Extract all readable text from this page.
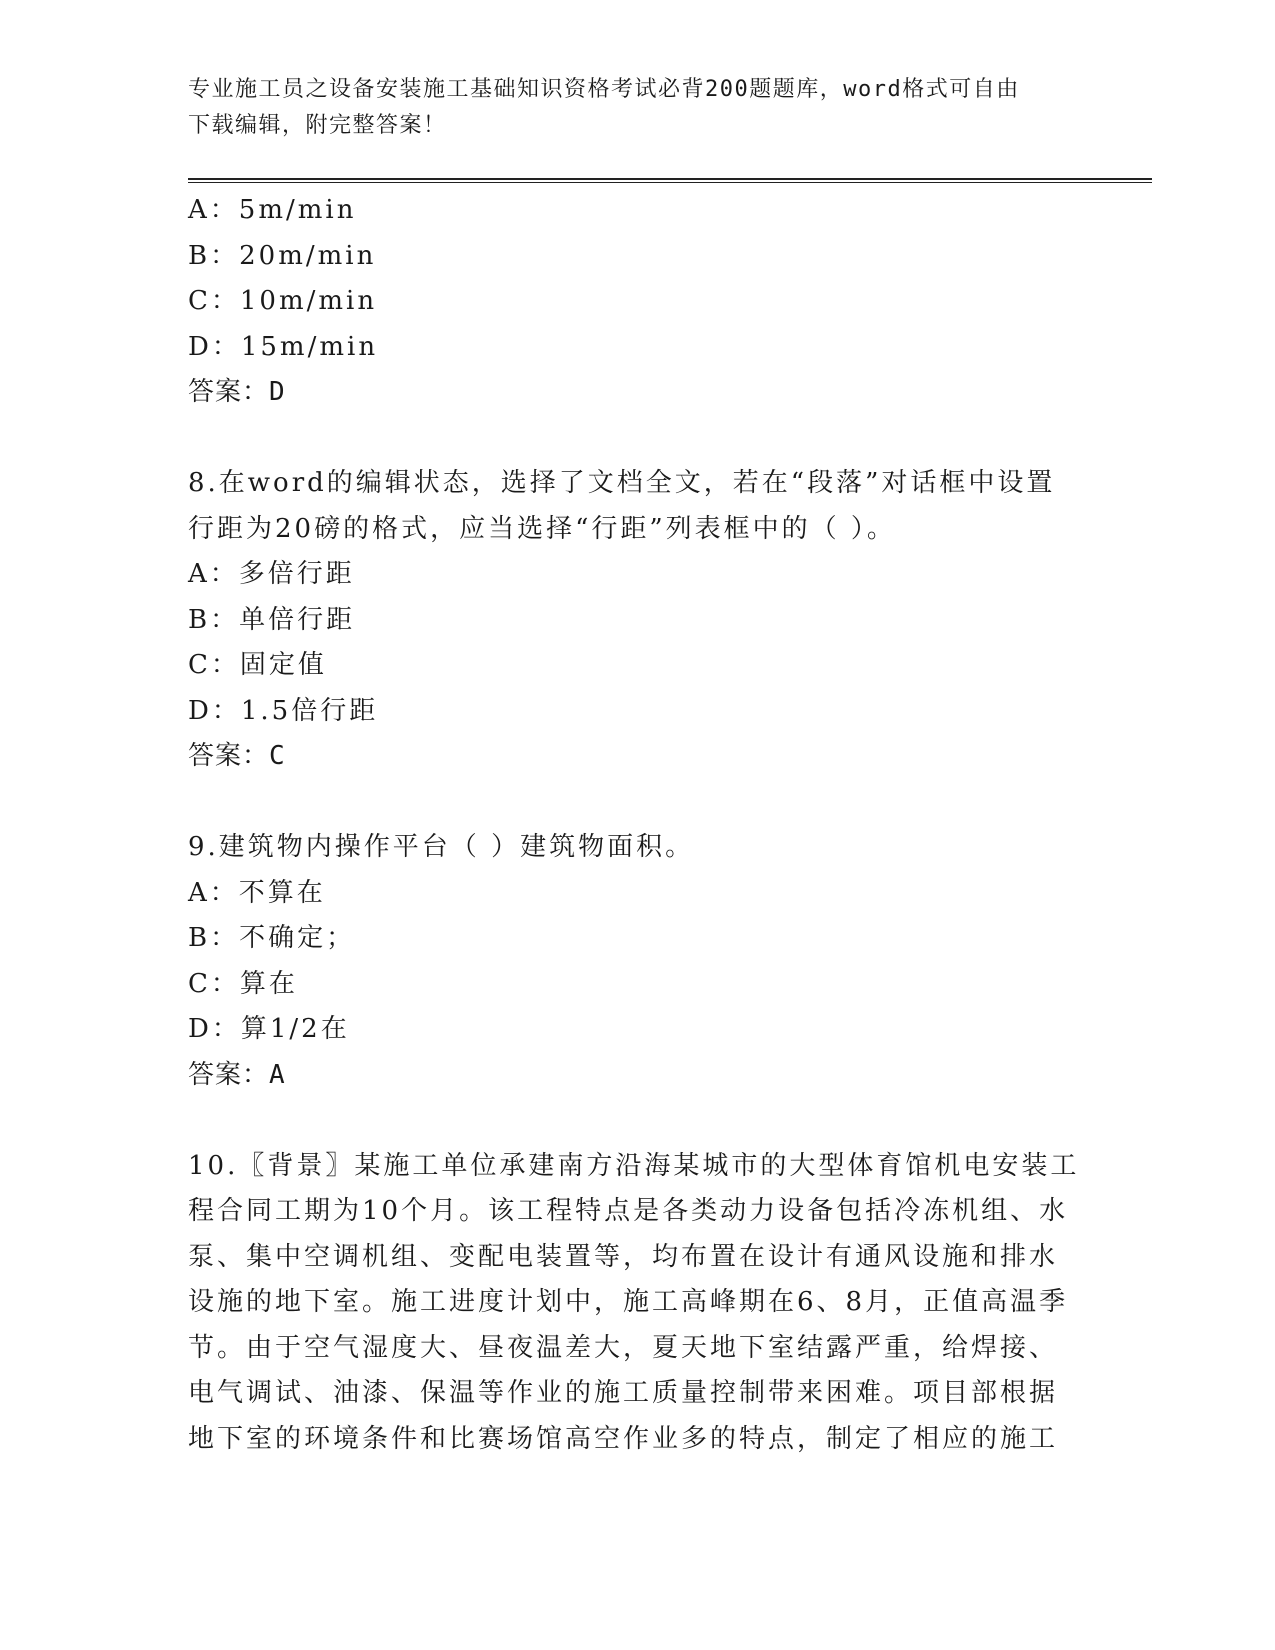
专业施工员之设备安装施工基础知识资格考试必背200题题库，word格式可自由
下载编辑，附完整答案！
A：5m/min
B：20m/min
C：10m/min
D：15m/min
答案：D
8.在word的编辑状态，选择了文档全文，若在“段落”对话框中设置
行距为20磅的格式，应当选择“行距”列表框中的（ ）。
A：多倍行距
B：单倍行距
C：固定值
D：1.5倍行距
答案：C
9.建筑物内操作平台（ ）建筑物面积。
A：不算在
B：不确定；
C：算在
D：算1/2在
答案：A
10.〖背景〗某施工单位承建南方沿海某城市的大型体育馆机电安装工
程合同工期为10个月。该工程特点是各类动力设备包括冷冻机组、水
泵、集中空调机组、变配电装置等，均布置在设计有通风设施和排水
设施的地下室。施工进度计划中，施工高峰期在6、8月，正值高温季
节。由于空气湿度大、昼夜温差大，夏天地下室结露严重，给焊接、
电气调试、油漆、保温等作业的施工质量控制带来困难。项目部根据
地下室的环境条件和比赛场馆高空作业多的特点，制定了相应的施工
